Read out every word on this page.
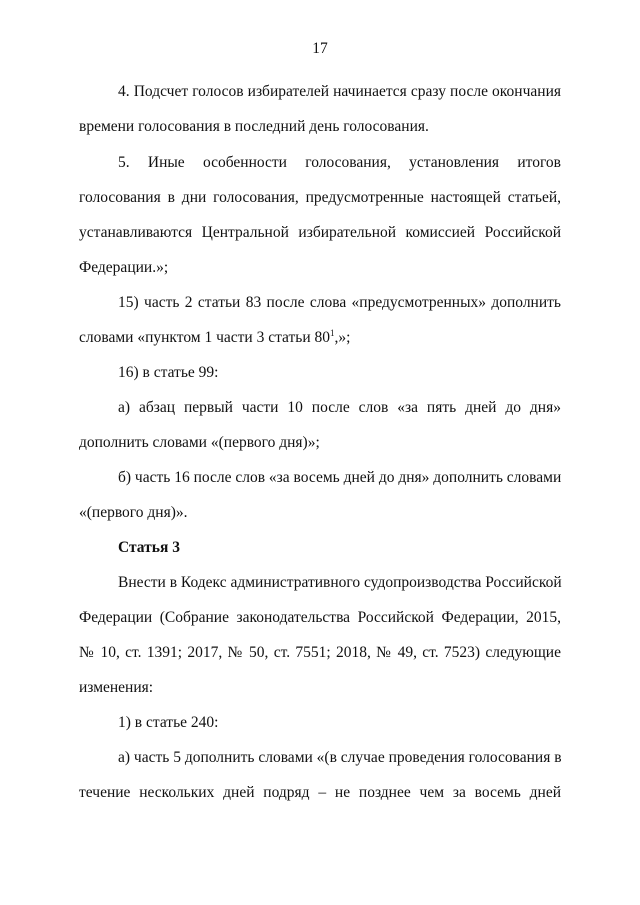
17
4. Подсчет голосов избирателей начинается сразу после окончания
времени голосования в последний день голосования.
5. Иные особенности голосования, установления итогов
голосования в дни голосования, предусмотренные настоящей статьей,
устанавливаются Центральной избирательной комиссией Российской
Федерации.»;
15) часть 2 статьи 83 после слова «предусмотренных» дополнить
словами «пунктом 1 части 3 статьи $80^1$,»;
16) в статье 99:
а) абзац первый части 10 после слов «за пять дней до дня»
дополнить словами «(первого дня)»;
б) часть 16 после слов «за восемь дней до дня» дополнить словами
«(первого дня)».
Статья 3
Внести в Кодекс административного судопроизводства Российской
Федерации (Собрание законодательства Российской Федерации, 2015,
№ 10, ст. 1391; 2017, № 50, ст. 7551; 2018, № 49, ст. 7523) следующие
изменения:
1) в статье 240:
а) часть 5 дополнить словами «(в случае проведения голосования в
течение нескольких дней подряд – не позднее чем за восемь дней
